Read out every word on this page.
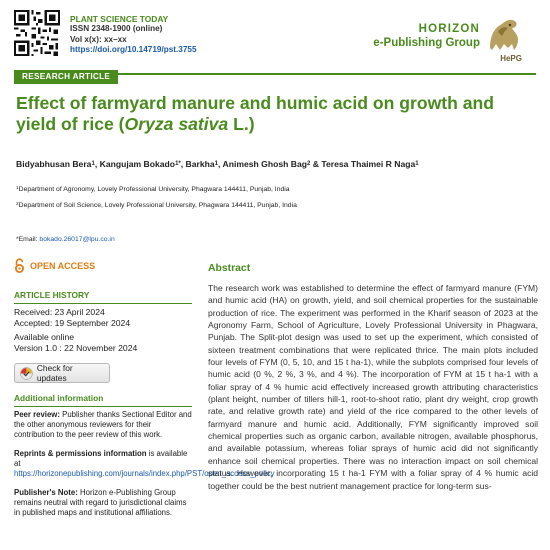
PLANT SCIENCE TODAY
ISSN 2348-1900 (online)
Vol x(x): xx–xx
https://doi.org/10.14719/pst.3755
HORIZON
e-Publishing Group
HePG
RESEARCH ARTICLE
Effect of farmyard manure and humic acid on growth and yield of rice (Oryza sativa L.)
Bidyabhusan Bera$^1$, Kangujam Bokado$^{1*}$, Barkha$^1$, Animesh Ghosh Bag$^2$ & Teresa Thaimei R Naga$^1$
$^1$Department of Agronomy, Lovely Professional University, Phagwara 144411, Punjab, India
$^2$Department of Soil Science, Lovely Professional University, Phagwara 144411, Punjab, India
*Email: bokado.26017@lpu.co.in
OPEN ACCESS
ARTICLE HISTORY
Received: 23 April 2024
Accepted: 19 September 2024
Available online
Version 1.0 : 22 November 2024
Check for updates
Additional information
Peer review: Publisher thanks Sectional Editor and the other anonymous reviewers for their contribution to the peer review of this work.
Reprints & permissions information is available at https://horizonepublishing.com/journals/index.php/PST/open_access_policy
Publisher's Note: Horizon e-Publishing Group remains neutral with regard to jurisdictional claims in published maps and institutional affiliations.
Abstract
The research work was established to determine the effect of farmyard manure (FYM) and humic acid (HA) on growth, yield, and soil chemical properties for the sustainable production of rice. The experiment was performed in the Kharif season of 2023 at the Agronomy Farm, School of Agriculture, Lovely Professional University in Phagwara, Punjab. The Split-plot design was used to set up the experiment, which consisted of sixteen treatment combinations that were replicated thrice. The main plots included four levels of FYM (0, 5, 10, and 15 t ha-1), while the subplots comprised four levels of humic acid (0 %, 2 %, 3 %, and 4 %). The incorporation of FYM at 15 t ha-1 with a foliar spray of 4 % humic acid effectively increased growth attributing characteristics (plant height, number of tillers hill-1, root-to-shoot ratio, plant dry weight, crop growth rate, and relative growth rate) and yield of the rice compared to the other levels of farmyard manure and humic acid. Additionally, FYM significantly improved soil chemical properties such as organic carbon, available nitrogen, available phosphorus, and available potassium, whereas foliar sprays of humic acid did not significantly enhance soil chemical properties. There was no interaction impact on soil chemical status. However, incorporating 15 t ha-1 FYM with a foliar spray of 4 % humic acid together could be the best nutrient management practice for long-term sus-
